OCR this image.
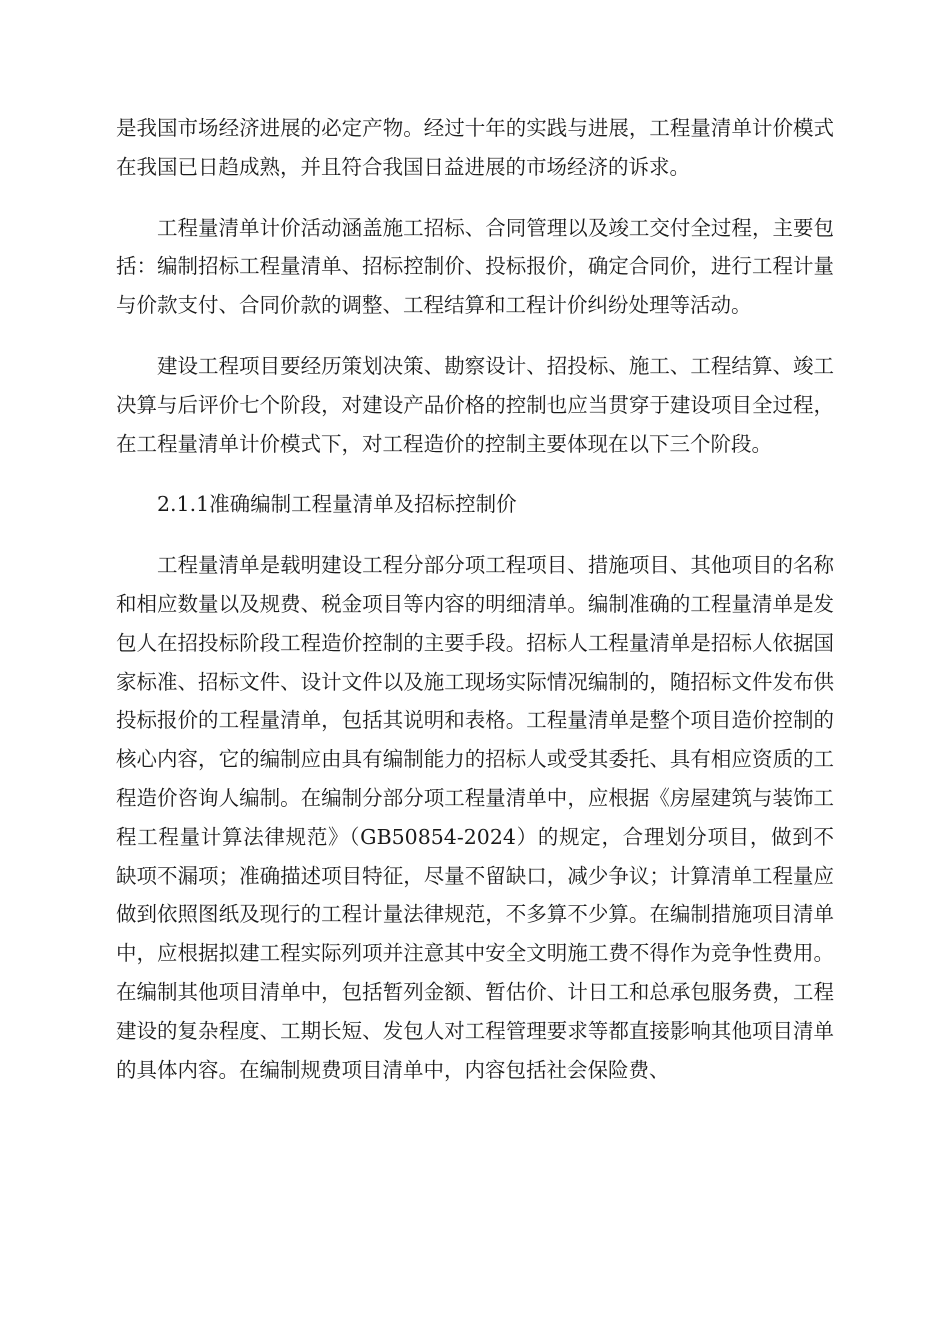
是我国市场经济进展的必定产物。经过十年的实践与进展，工程量清单计价模式在我国已日趋成熟，并且符合我国日益进展的市场经济的诉求。

工程量清单计价活动涵盖施工招标、合同管理以及竣工交付全过程，主要包括：编制招标工程量清单、招标控制价、投标报价，确定合同价，进行工程计量与价款支付、合同价款的调整、工程结算和工程计价纠纷处理等活动。

建设工程项目要经历策划决策、勘察设计、招投标、施工、工程结算、竣工决算与后评价七个阶段，对建设产品价格的控制也应当贯穿于建设项目全过程，在工程量清单计价模式下，对工程造价的控制主要体现在以下三个阶段。

2.1.1准确编制工程量清单及招标控制价

工程量清单是载明建设工程分部分项工程项目、措施项目、其他项目的名称和相应数量以及规费、税金项目等内容的明细清单。编制准确的工程量清单是发包人在招投标阶段工程造价控制的主要手段。招标人工程量清单是招标人依据国家标准、招标文件、设计文件以及施工现场实际情况编制的，随招标文件发布供投标报价的工程量清单，包括其说明和表格。工程量清单是整个项目造价控制的核心内容，它的编制应由具有编制能力的招标人或受其委托、具有相应资质的工程造价咨询人编制。在编制分部分项工程量清单中，应根据《房屋建筑与装饰工程工程量计算法律规范》（GB50854-2024）的规定，合理划分项目，做到不缺项不漏项；准确描述项目特征，尽量不留缺口，减少争议；计算清单工程量应做到依照图纸及现行的工程计量法律规范，不多算不少算。在编制措施项目清单中，应根据拟建工程实际列项并注意其中安全文明施工费不得作为竞争性费用。在编制其他项目清单中，包括暂列金额、暂估价、计日工和总承包服务费，工程建设的复杂程度、工期长短、发包人对工程管理要求等都直接影响其他项目清单的具体内容。在编制规费项目清单中，内容包括社会保险费、
